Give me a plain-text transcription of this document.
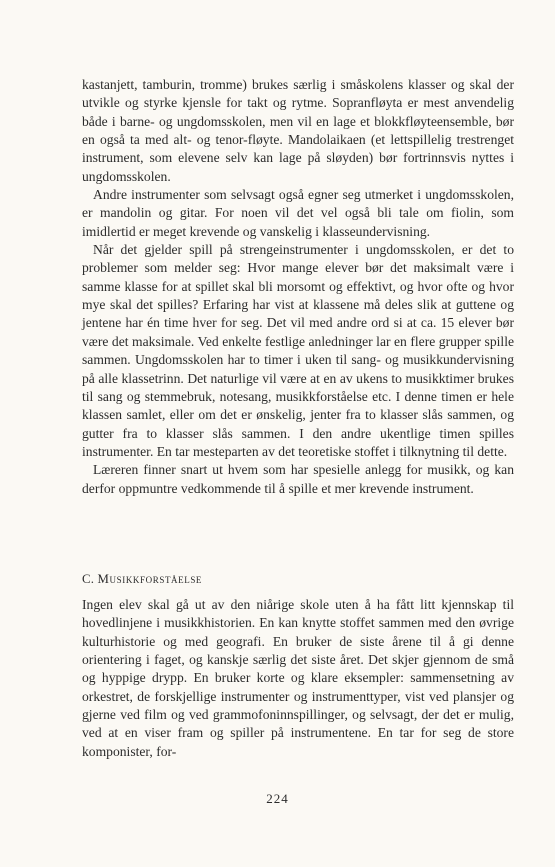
kastanjett, tamburin, tromme) brukes særlig i småskolens klasser og skal der utvikle og styrke kjensle for takt og rytme. Sopranfløyta er mest anvendelig både i barne- og ungdomsskolen, men vil en lage et blokkfløyteensemble, bør en også ta med alt- og tenor-fløyte. Mandolaikaen (et lettspillelig trestrenget instrument, som elevene selv kan lage på sløyden) bør fortrinnsvis nyttes i ungdomsskolen.

Andre instrumenter som selvsagt også egner seg utmerket i ungdomsskolen, er mandolin og gitar. For noen vil det vel også bli tale om fiolin, som imidlertid er meget krevende og vanskelig i klasseundervisning.

Når det gjelder spill på strengeinstrumenter i ungdomsskolen, er det to problemer som melder seg: Hvor mange elever bør det maksimalt være i samme klasse for at spillet skal bli morsomt og effektivt, og hvor ofte og hvor mye skal det spilles? Erfaring har vist at klassene må deles slik at guttene og jentene har én time hver for seg. Det vil med andre ord si at ca. 15 elever bør være det maksimale. Ved enkelte festlige anledninger lar en flere grupper spille sammen. Ungdomsskolen har to timer i uken til sang- og musikkundervisning på alle klassetrinn. Det naturlige vil være at en av ukens to musikktimer brukes til sang og stemmebruk, notesang, musikkforståelse etc. I denne timen er hele klassen samlet, eller om det er ønskelig, jenter fra to klasser slås sammen, og gutter fra to klasser slås sammen. I den andre ukentlige timen spilles instrumenter. En tar mesteparten av det teoretiske stoffet i tilknytning til dette.

Læreren finner snart ut hvem som har spesielle anlegg for musikk, og kan derfor oppmuntre vedkommende til å spille et mer krevende instrument.

C. Musikkforståelse

Ingen elev skal gå ut av den niårige skole uten å ha fått litt kjennskap til hovedlinjene i musikkhistorien. En kan knytte stoffet sammen med den øvrige kulturhistorie og med geografi. En bruker de siste årene til å gi denne orientering i faget, og kanskje særlig det siste året. Det skjer gjennom de små og hyppige drypp. En bruker korte og klare eksempler: sammensetning av orkestret, de forskjellige instrumenter og instrumenttyper, vist ved plansjer og gjerne ved film og ved grammofoninnspillinger, og selvsagt, der det er mulig, ved at en viser fram og spiller på instrumentene. En tar for seg de store komponister, for-

224
